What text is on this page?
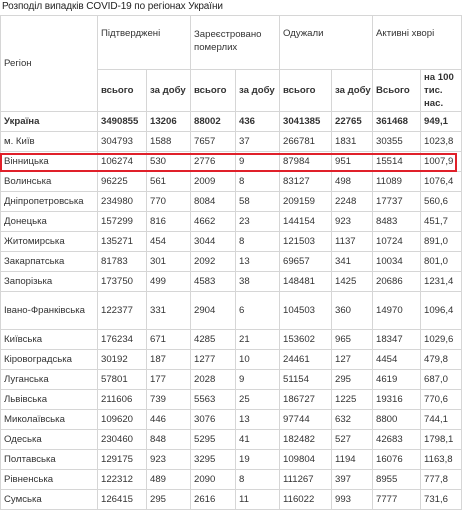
Розподіл випадків COVID-19 по регіонах України
Регіон	Підтверджені		Зареєстровано померлих		Одужали		Активні хворі	
	всього	за добу	всього	за добу	всього	за добу	Всього	на 100 тис. нас.
Україна	3490855	13206	88002	436	3041385	22765	361468	949,1
м. Київ	304793	1588	7657	37	266781	1831	30355	1023,8
Вінницька	106274	530	2776	9	87984	951	15514	1007,9
Волинська	96225	561	2009	8	83127	498	11089	1076,4
Дніпропетровська	234980	770	8084	58	209159	2248	17737	560,6
Донецька	157299	816	4662	23	144154	923	8483	451,7
Житомирська	135271	454	3044	8	121503	1137	10724	891,0
Закарпатська	81783	301	2092	13	69657	341	10034	801,0
Запорізька	173750	499	4583	38	148481	1425	20686	1231,4
Івано-Франківська	122377	331	2904	6	104503	360	14970	1096,4
Київська	176234	671	4285	21	153602	965	18347	1029,6
Кіровоградська	30192	187	1277	10	24461	127	4454	479,8
Луганська	57801	177	2028	9	51154	295	4619	687,0
Львівська	211606	739	5563	25	186727	1225	19316	770,6
Миколаївська	109620	446	3076	13	97744	632	8800	744,1
Одеська	230460	848	5295	41	182482	527	42683	1798,1
Полтавська	129175	923	3295	19	109804	1194	16076	1163,8
Рівненська	122312	489	2090	8	111267	397	8955	777,8
Сумська	126415	295	2616	11	116022	993	7777	731,6
